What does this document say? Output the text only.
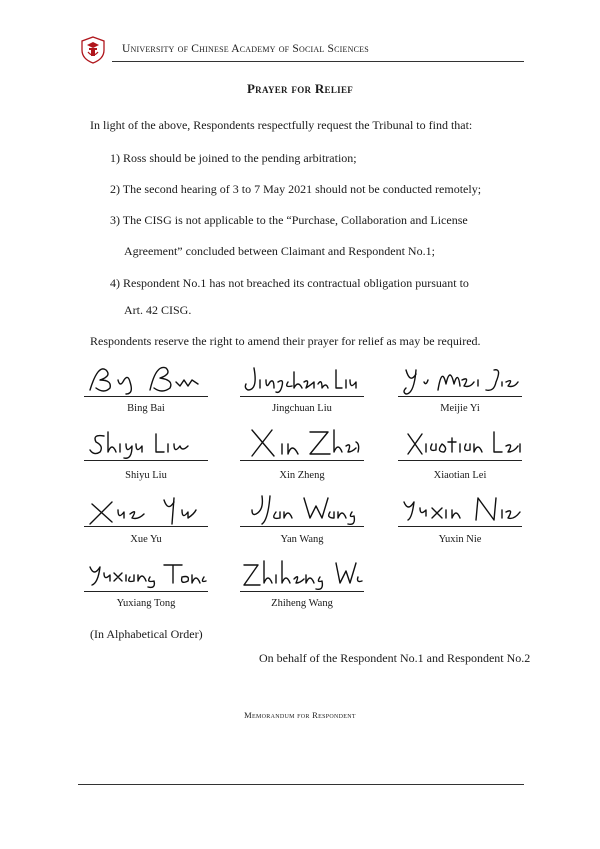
University of Chinese Academy of Social Sciences
Prayer for Relief
In light of the above, Respondents respectfully request the Tribunal to find that:
1) Ross should be joined to the pending arbitration;
2) The second hearing of 3 to 7 May 2021 should not be conducted remotely;
3) The CISG is not applicable to the “Purchase, Collaboration and License
Agreement” concluded between Claimant and Respondent No.1;
4) Respondent No.1 has not breached its contractual obligation pursuant to
Art. 42 CISG.
Respondents reserve the right to amend their prayer for relief as may be required.
Bing Bai	Jingchuan Liu	Meijie Yi
Shiyu Liu	Xin Zheng	Xiaotian Lei
Xue Yu	Yan Wang	Yuxin Nie
Yuxiang Tong	Zhiheng Wang
(In Alphabetical Order)
On behalf of the Respondent No.1 and Respondent No.2
Memorandum for Respondent
